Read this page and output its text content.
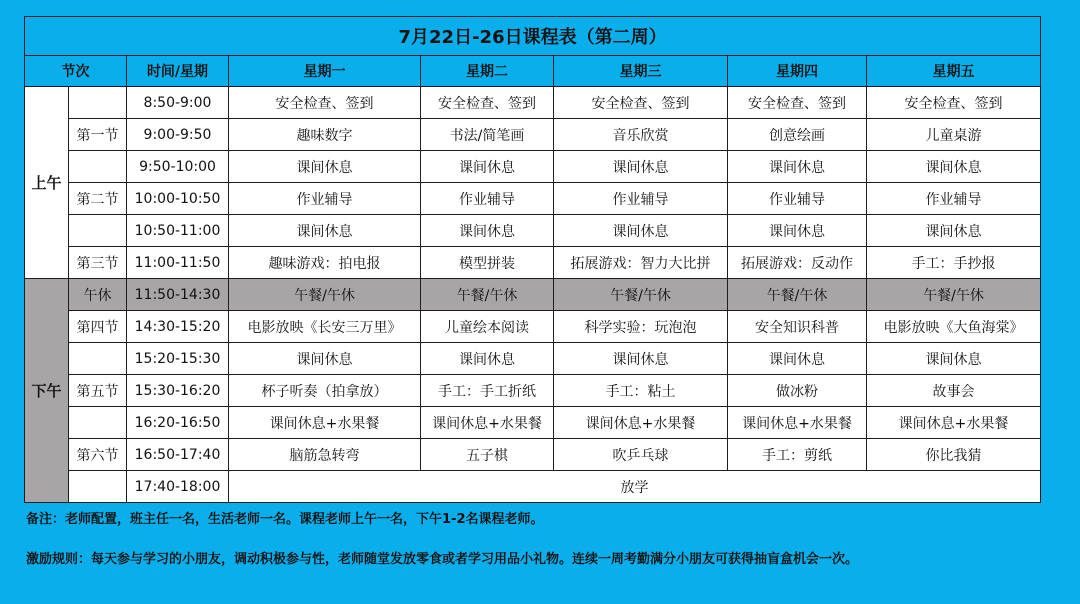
7月22日-26日课程表（第二周）							
节次		时间/星期	星期一	星期二	星期三	星期四	星期五
上午		8:50-9:00	安全检查、签到	安全检查、签到	安全检查、签到	安全检查、签到	安全检查、签到
	第一节	9:00-9:50	趣味数字	书法/简笔画	音乐欣赏	创意绘画	儿童桌游
		9:50-10:00	课间休息	课间休息	课间休息	课间休息	课间休息
	第二节	10:00-10:50	作业辅导	作业辅导	作业辅导	作业辅导	作业辅导
		10:50-11:00	课间休息	课间休息	课间休息	课间休息	课间休息
	第三节	11:00-11:50	趣味游戏：拍电报	模型拼装	拓展游戏：智力大比拼	拓展游戏：反动作	手工：手抄报
下午	午休	11:50-14:30	午餐/午休	午餐/午休	午餐/午休	午餐/午休	午餐/午休
	第四节	14:30-15:20	电影放映《长安三万里》	儿童绘本阅读	科学实验：玩泡泡	安全知识科普	电影放映《大鱼海棠》
		15:20-15:30	课间休息	课间休息	课间休息	课间休息	课间休息
	第五节	15:30-16:20	杯子听奏（拍拿放）	手工：手工折纸	手工：粘土	做冰粉	故事会
		16:20-16:50	课间休息+水果餐	课间休息+水果餐	课间休息+水果餐	课间休息+水果餐	课间休息+水果餐
	第六节	16:50-17:40	脑筋急转弯	五子棋	吹乒乓球	手工：剪纸	你比我猜
		17:40-18:00	放学				
备注：老师配置，班主任一名，生活老师一名。课程老师上午一名，下午1-2名课程老师。
激励规则：每天参与学习的小朋友，调动积极参与性，老师随堂发放零食或者学习用品小礼物。连续一周考勤满分小朋友可获得抽盲盒机会一次。
